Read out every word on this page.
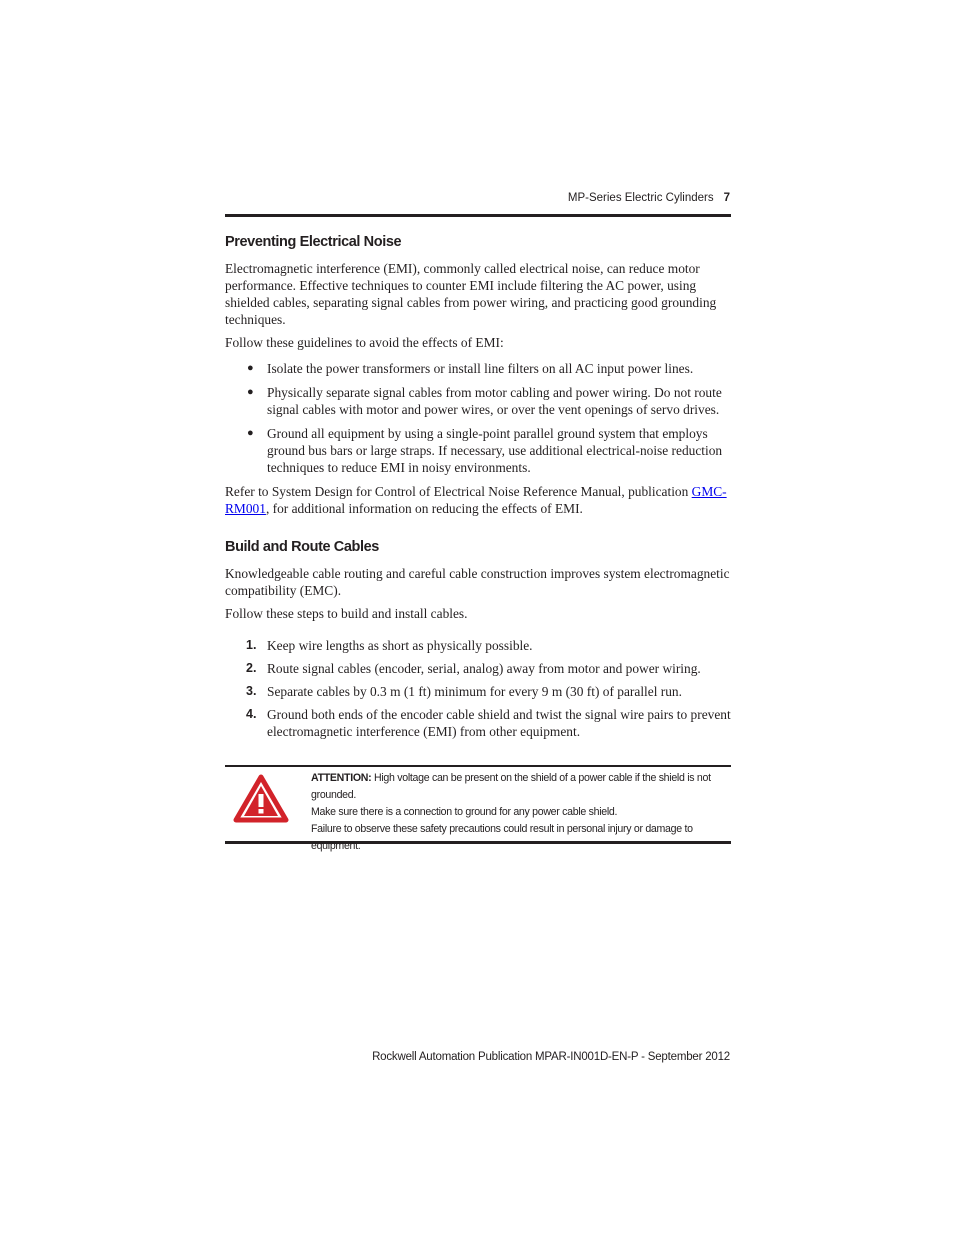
MP-Series Electric Cylinders 7
Preventing Electrical Noise

Electromagnetic interference (EMI), commonly called electrical noise, can reduce motor performance. Effective techniques to counter EMI include filtering the AC power, using shielded cables, separating signal cables from power wiring, and practicing good grounding techniques.

Follow these guidelines to avoid the effects of EMI:

● Isolate the power transformers or install line filters on all AC input power lines.
● Physically separate signal cables from motor cabling and power wiring. Do not route signal cables with motor and power wires, or over the vent openings of servo drives.
● Ground all equipment by using a single-point parallel ground system that employs ground bus bars or large straps. If necessary, use additional electrical-noise reduction techniques to reduce EMI in noisy environments.

Refer to System Design for Control of Electrical Noise Reference Manual, publication GMC-RM001, for additional information on reducing the effects of EMI.

Build and Route Cables

Knowledgeable cable routing and careful cable construction improves system electromagnetic compatibility (EMC).

Follow these steps to build and install cables.

1. Keep wire lengths as short as physically possible.
2. Route signal cables (encoder, serial, analog) away from motor and power wiring.
3. Separate cables by 0.3 m (1 ft) minimum for every 9 m (30 ft) of parallel run.
4. Ground both ends of the encoder cable shield and twist the signal wire pairs to prevent electromagnetic interference (EMI) from other equipment.
ATTENTION: High voltage can be present on the shield of a power cable if the shield is not grounded.
Make sure there is a connection to ground for any power cable shield.
Failure to observe these safety precautions could result in personal injury or damage to equipment.
Rockwell Automation Publication MPAR-IN001D-EN-P - September 2012
